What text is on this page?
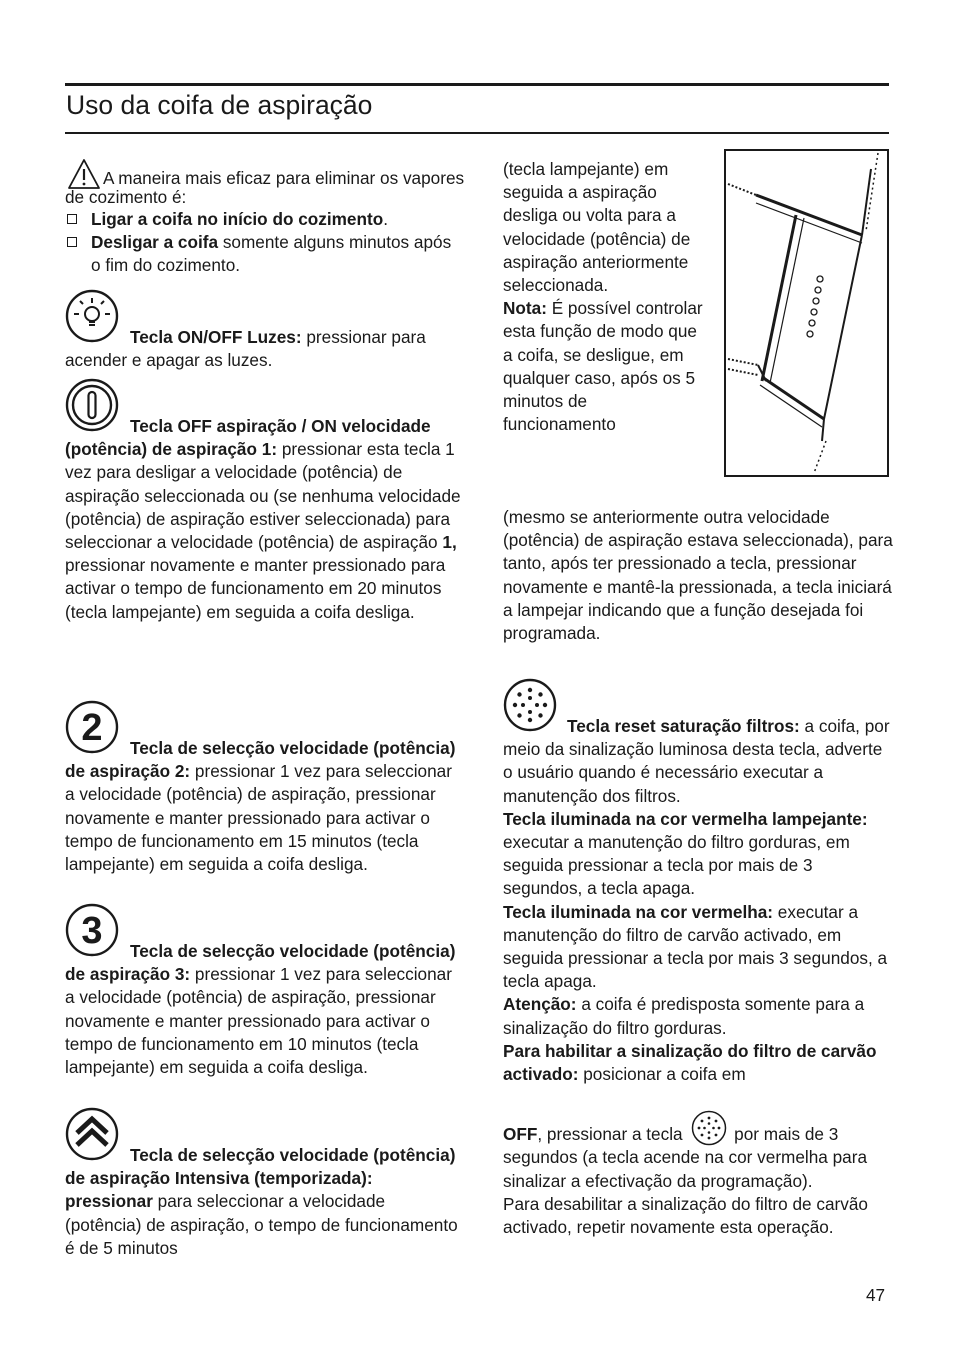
Uso da coifa de aspiração

A maneira mais eficaz para eliminar os vapores de cozimento é:

Ligar a coifa no início do cozimento.
Desligar a coifa somente alguns minutos após o fim do cozimento.

Tecla ON/OFF Luzes: pressionar para acender e apagar as luzes.

Tecla OFF aspiração / ON velocidade (potência) de aspiração 1: pressionar esta tecla 1 vez para desligar a velocidade (potência) de aspiração seleccionada ou (se nenhuma velocidade (potência) de aspiração estiver seleccionada) para seleccionar a velocidade (potência) de aspiração 1, pressionar novamente e manter pressionado para activar o tempo de funcionamento em 20 minutos (tecla lampejante) em seguida a coifa desliga.

2	Tecla de selecção velocidade (potência) de aspiração 2: pressionar 1 vez para seleccionar a velocidade (potência) de aspiração, pressionar novamente e manter pressionado para activar o tempo de funcionamento em 15 minutos (tecla lampejante) em seguida a coifa desliga.

3	Tecla de selecção velocidade (potência) de aspiração 3: pressionar 1 vez para seleccionar a velocidade (potência) de aspiração, pressionar novamente e manter pressionado para activar o tempo de funcionamento em 10 minutos (tecla lampejante) em seguida a coifa desliga.

Tecla de selecção velocidade (potência) de aspiração Intensiva (temporizada): pressionar para seleccionar a velocidade (potência) de aspiração, o tempo de funcionamento é de 5 minutos

(tecla lampejante) em seguida a aspiração desliga ou volta para a velocidade (potência) de aspiração anteriormente seleccionada.

Nota: É possível controlar esta função de modo que a coifa, se desligue, em qualquer caso, após os 5 minutos de funcionamento

(mesmo se anteriormente outra velocidade (potência) de aspiração estava seleccionada), para tanto, após ter pressionado a tecla, pressionar novamente e mantê-la pressionada, a tecla iniciará a lampejar indicando que a função desejada foi programada.

Tecla reset saturação filtros: a coifa, por meio da sinalização luminosa desta tecla, adverte o usuário quando é necessário executar a manutenção dos filtros.

Tecla iluminada na cor vermelha lampejante: executar a manutenção do filtro gorduras, em seguida pressionar a tecla por mais de 3 segundos, a tecla apaga.

Tecla iluminada na cor vermelha: executar a manutenção do filtro de carvão activado, em seguida pressionar a tecla por mais 3 segundos, a tecla apaga.

Atenção: a coifa é predisposta somente para a sinalização do filtro gorduras.

Para habilitar a sinalização do filtro de carvão activado: posicionar a coifa em

OFF, pressionar a tecla	por mais de 3 segundos (a tecla acende na cor vermelha para sinalizar a efectivação da programação).

Para desabilitar a sinalização do filtro de carvão activado, repetir novamente esta operação.

47
